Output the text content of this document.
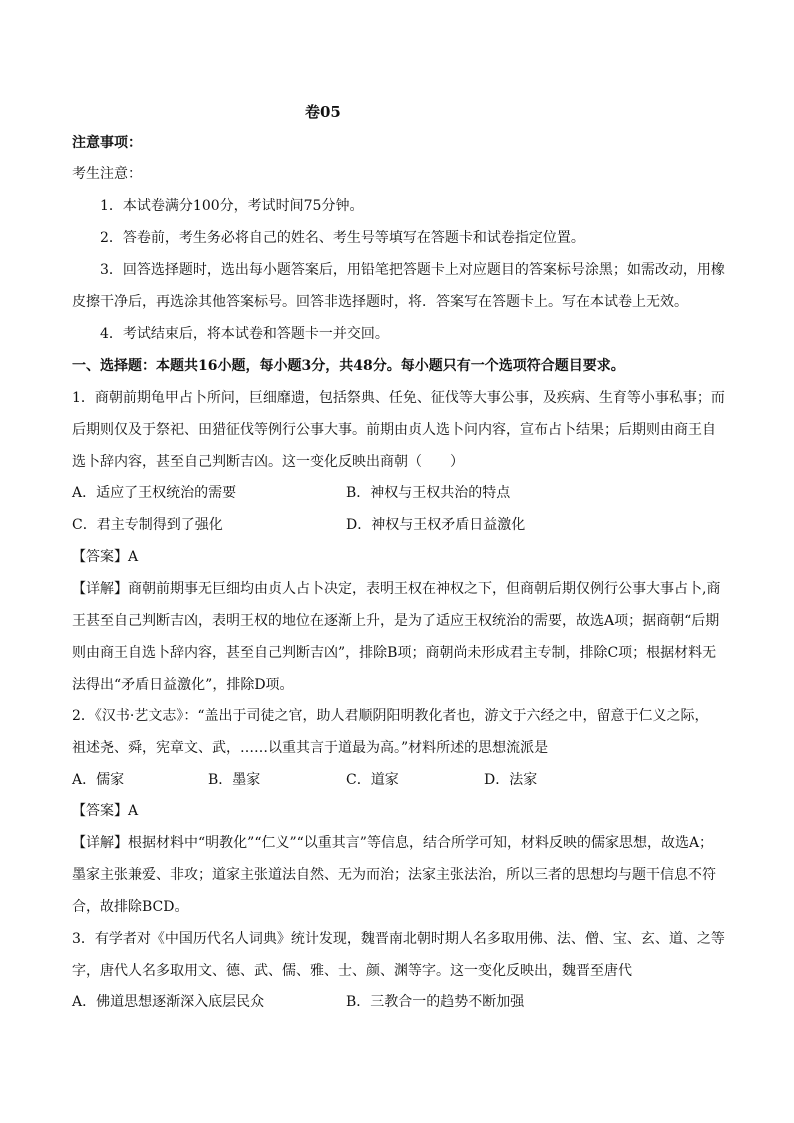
卷05
注意事项：
考生注意：
1．本试卷满分100分，考试时间75分钟。
2．答卷前，考生务必将自己的姓名、考生号等填写在答题卡和试卷指定位置。
3．回答选择题时，选出每小题答案后，用铅笔把答题卡上对应题目的答案标号涂黑；如需改动，用橡
皮擦干净后，再选涂其他答案标号。回答非选择题时，将．答案写在答题卡上。写在本试卷上无效。
4．考试结束后，将本试卷和答题卡一并交回。
一、选择题：本题共16小题，每小题3分，共48分。每小题只有一个选项符合题目要求。
1．商朝前期龟甲占卜所问，巨细靡遗，包括祭典、任免、征伐等大事公事，及疾病、生育等小事私事；而
后期则仅及于祭祀、田猎征伐等例行公事大事。前期由贞人选卜问内容，宣布占卜结果；后期则由商王自
选卜辞内容，甚至自己判断吉凶。这一变化反映出商朝（　　）
A．适应了王权统治的需要	B．神权与王权共治的特点
C．君主专制得到了强化	D．神权与王权矛盾日益激化
【答案】A
【详解】商朝前期事无巨细均由贞人占卜决定，表明王权在神权之下，但商朝后期仅例行公事大事占卜,商
王甚至自己判断吉凶，表明王权的地位在逐渐上升，是为了适应王权统治的需要，故选A项；据商朝“后期
则由商王自选卜辞内容，甚至自己判断吉凶”，排除B项；商朝尚未形成君主专制，排除C项；根据材料无
法得出“矛盾日益激化”，排除D项。
2．《汉书·艺文志》：“盖出于司徒之官，助人君顺阴阳明教化者也，游文于六经之中，留意于仁义之际，
祖述尧、舜，宪章文、武，……以重其言于道最为高。”材料所述的思想流派是
A．儒家	B．墨家	C．道家	D．法家
【答案】A
【详解】根据材料中“明教化”“仁义”“以重其言”等信息，结合所学可知，材料反映的儒家思想，故选A；
墨家主张兼爱、非攻；道家主张道法自然、无为而治；法家主张法治，所以三者的思想均与题干信息不符
合，故排除BCD。
3．有学者对《中国历代名人词典》统计发现，魏晋南北朝时期人名多取用佛、法、僧、宝、玄、道、之等
字，唐代人名多取用文、德、武、儒、雅、士、颜、渊等字。这一变化反映出，魏晋至唐代
A．佛道思想逐渐深入底层民众	B．三教合一的趋势不断加强
